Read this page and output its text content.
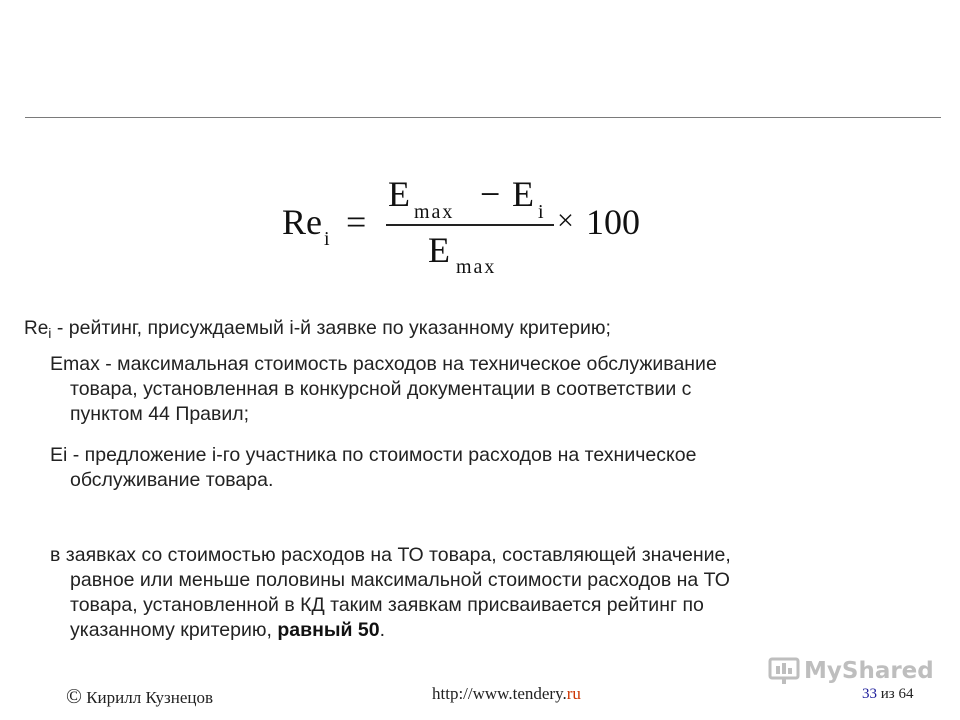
Re i =
E max − E i
E max
× 100
$Re_i$ - рейтинг, присуждаемый i-й заявке по указанному критерию;
Emax - максимальная стоимость расходов на техническое обслуживание
товара, установленная в конкурсной документации в соответствии с
пунктом 44 Правил;
Ei - предложение i-го участника по стоимости расходов на техническое
обслуживание товара.
в заявках со стоимостью расходов на ТО товара, составляющей значение,
равное или меньше половины максимальной стоимости расходов на ТО
товара, установленной в КД таким заявкам присваивается рейтинг по
указанному критерию, равный 50.
© Кирилл Кузнецов	http://www.tendery.ru	33 из 64
MyShared
